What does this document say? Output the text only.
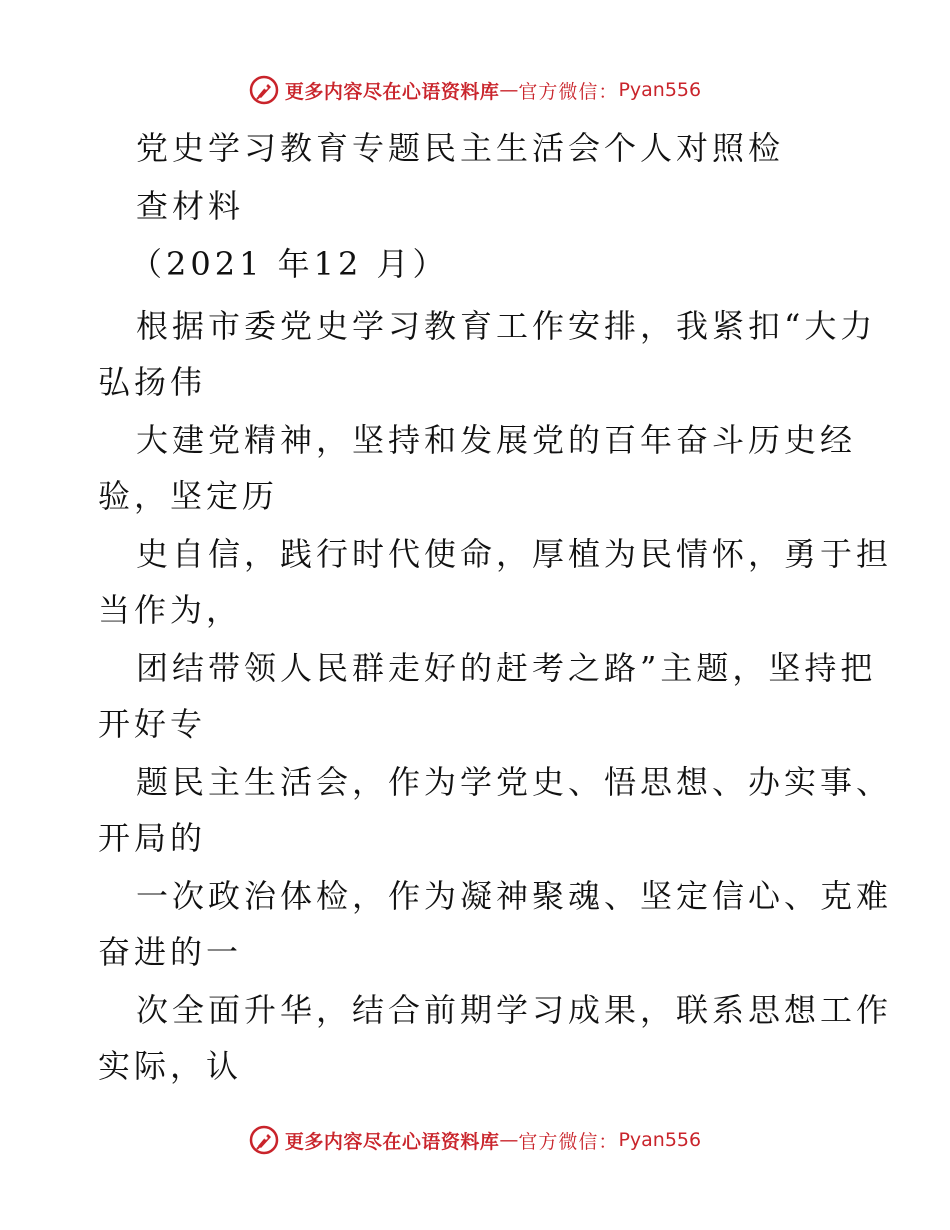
更多内容尽在心语资料库 — 官方微信： Pyan556
党史学习教育专题民主生活会个人对照检
查材料
（2021 年12 月）
根据市委党史学习教育工作安排，我紧扣“大力
弘扬伟
大建党精神，坚持和发展党的百年奋斗历史经
验，坚定历
史自信，践行时代使命，厚植为民情怀，勇于担
当作为，
团结带领人民群走好的赶考之路”主题，坚持把
开好专
题民主生活会，作为学党史、悟思想、办实事、
开局的
一次政治体检，作为凝神聚魂、坚定信心、克难
奋进的一
次全面升华，结合前期学习成果，联系思想工作
实际，认
更多内容尽在心语资料库 — 官方微信： Pyan556
